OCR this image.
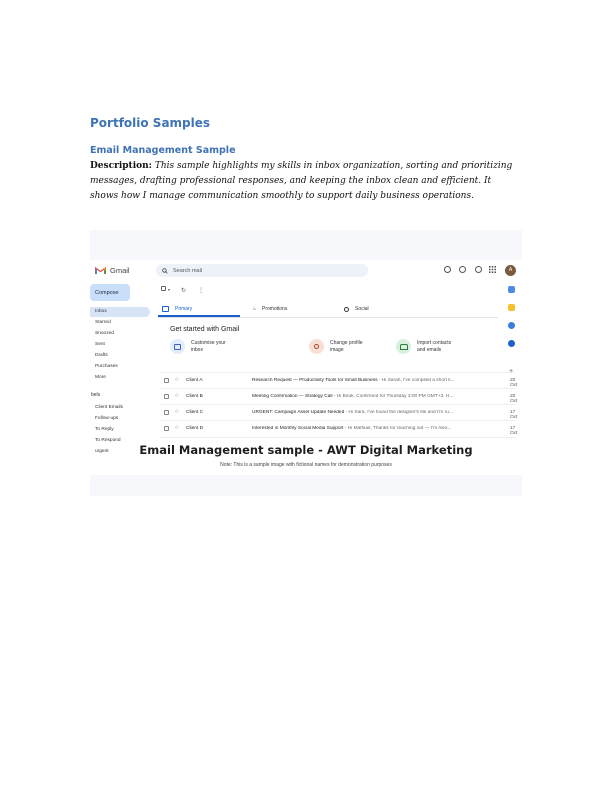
Portfolio Samples
Email Management Sample
Description: This sample highlights my skills in inbox organization, sorting and prioritizing messages, drafting professional responses, and keeping the inbox clean and efficient. It shows how I manage communication smoothly to support daily business operations.
Gmail	Search mail	A
Compose
Inbox
Starred
Snoozed
Sent
Drafts
Purchases
More
bels
Client Emails
Follow-ups
To Reply
To Respond
urgent
▾ ↻ ⋮
Primary	⌂ Promotions	Social
Get started with Gmail
Customise your
inbox
Change profile
image
Import contacts
and emails
☆ Client A	Research Request — Productivity Tools for Small Business - Hi Sarah, I've compiled a short li...	20 Oct
☆ Client B	Meeting Confirmation — Strategy Call - Hi Biruk, Confirmed for Thursday 3:00 PM GMT+3. H...	20 Oct
☆ Client C	URGENT: Campaign Asset Update Needed - Hi Sara, I've found the designer's file and I'm ru...	17 Oct
☆ Client D	Interested in Monthly Social Media Support - Hi Mathias, Thanks for reaching out — I'm Alex...	17 Oct
+
Email Management sample - AWT Digital Marketing
Note: This is a sample image with fictional names for demonstration purposes
